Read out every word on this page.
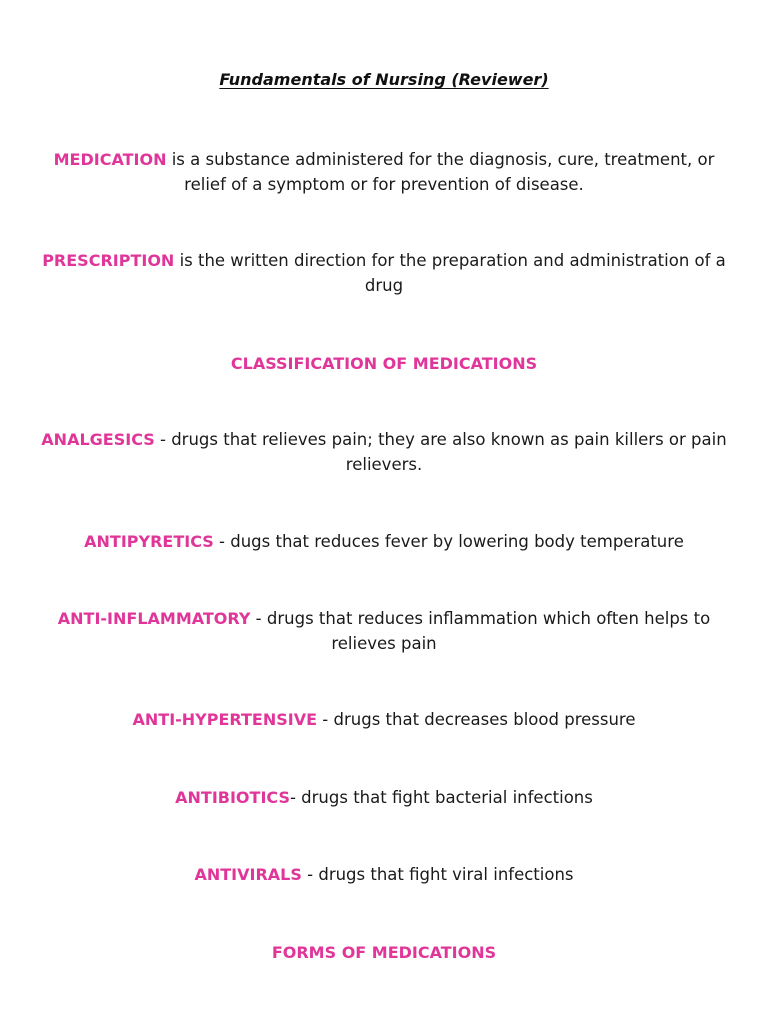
Fundamentals of Nursing (Reviewer)

MEDICATION is a substance administered for the diagnosis, cure, treatment, or relief of a symptom or for prevention of disease.

PRESCRIPTION is the written direction for the preparation and administration of a drug

CLASSIFICATION OF MEDICATIONS

ANALGESICS - drugs that relieves pain; they are also known as pain killers or pain relievers.

ANTIPYRETICS - dugs that reduces fever by lowering body temperature

ANTI-INFLAMMATORY - drugs that reduces inflammation which often helps to relieves pain

ANTI-HYPERTENSIVE - drugs that decreases blood pressure

ANTIBIOTICS- drugs that fight bacterial infections

ANTIVIRALS - drugs that fight viral infections

FORMS OF MEDICATIONS
